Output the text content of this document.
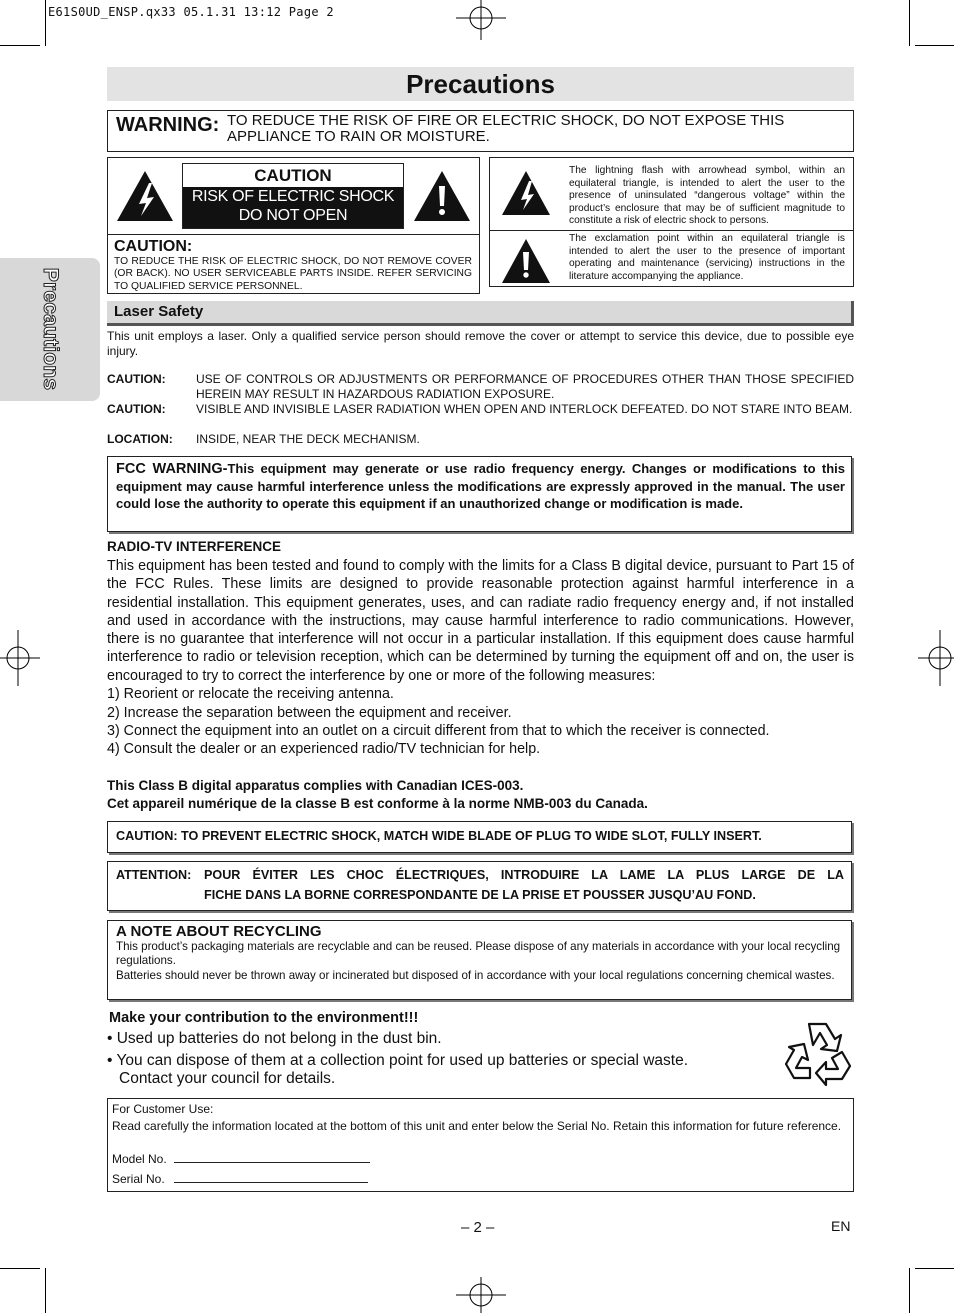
E61S0UD_ENSP.qx33 05.1.31 13:12 Page 2
Precautions
Precautions
WARNING: TO REDUCE THE RISK OF FIRE OR ELECTRIC SHOCK, DO NOT EXPOSE THIS APPLIANCE TO RAIN OR MOISTURE.
CAUTION
RISK OF ELECTRIC SHOCK
DO NOT OPEN
CAUTION:
TO REDUCE THE RISK OF ELECTRIC SHOCK, DO NOT REMOVE COVER (OR BACK). NO USER SERVICEABLE PARTS INSIDE. REFER SERVICING TO QUALIFIED SERVICE PERSONNEL.
The lightning flash with arrowhead symbol, within an equilateral triangle, is intended to alert the user to the presence of uninsulated “dangerous voltage” within the product’s enclosure that may be of sufficient magnitude to constitute a risk of electric shock to persons.
The exclamation point within an equilateral triangle is intended to alert the user to the presence of important operating and maintenance (servicing) instructions in the literature accompanying the appliance.
Laser Safety
This unit employs a laser. Only a qualified service person should remove the cover or attempt to service this device, due to possible eye injury.
CAUTION:	USE OF CONTROLS OR ADJUSTMENTS OR PERFORMANCE OF PROCEDURES OTHER THAN THOSE SPECIFIED HEREIN MAY RESULT IN HAZARDOUS RADIATION EXPOSURE.
CAUTION:	VISIBLE AND INVISIBLE LASER RADIATION WHEN OPEN AND INTERLOCK DEFEATED. DO NOT STARE INTO BEAM.
LOCATION: INSIDE, NEAR THE DECK MECHANISM.
FCC WARNING-This equipment may generate or use radio frequency energy. Changes or modifications to this equipment may cause harmful interference unless the modifications are expressly approved in the manual. The user could lose the authority to operate this equipment if an unauthorized change or modification is made.
RADIO-TV INTERFERENCE
This equipment has been tested and found to comply with the limits for a Class B digital device, pursuant to Part 15 of the FCC Rules. These limits are designed to provide reasonable protection against harmful interference in a residential installation. This equipment generates, uses, and can radiate radio frequency energy and, if not installed and used in accordance with the instructions, may cause harmful interference to radio communications. However, there is no guarantee that interference will not occur in a particular installation. If this equipment does cause harmful interference to radio or television reception, which can be determined by turning the equipment off and on, the user is encouraged to try to correct the interference by one or more of the following measures:
1) Reorient or relocate the receiving antenna.
2) Increase the separation between the equipment and receiver.
3) Connect the equipment into an outlet on a circuit different from that to which the receiver is connected.
4) Consult the dealer or an experienced radio/TV technician for help.
This Class B digital apparatus complies with Canadian ICES-003.
Cet appareil numérique de la classe B est conforme à la norme NMB-003 du Canada.
CAUTION: TO PREVENT ELECTRIC SHOCK, MATCH WIDE BLADE OF PLUG TO WIDE SLOT, FULLY INSERT.
ATTENTION: POUR ÉVITER LES CHOC ÉLECTRIQUES, INTRODUIRE LA LAME LA PLUS LARGE DE LA
FICHE DANS LA BORNE CORRESPONDANTE DE LA PRISE ET POUSSER JUSQU’AU FOND.
A NOTE ABOUT RECYCLING
This product’s packaging materials are recyclable and can be reused. Please dispose of any materials in accordance with your local recycling regulations.
Batteries should never be thrown away or incinerated but disposed of in accordance with your local regulations concerning chemical wastes.
Make your contribution to the environment!!!
• Used up batteries do not belong in the dust bin.
• You can dispose of them at a collection point for used up batteries or special waste.
Contact your council for details.
For Customer Use:
Read carefully the information located at the bottom of this unit and enter below the Serial No. Retain this information for future reference.
Model No.
Serial No.
– 2 –	EN
